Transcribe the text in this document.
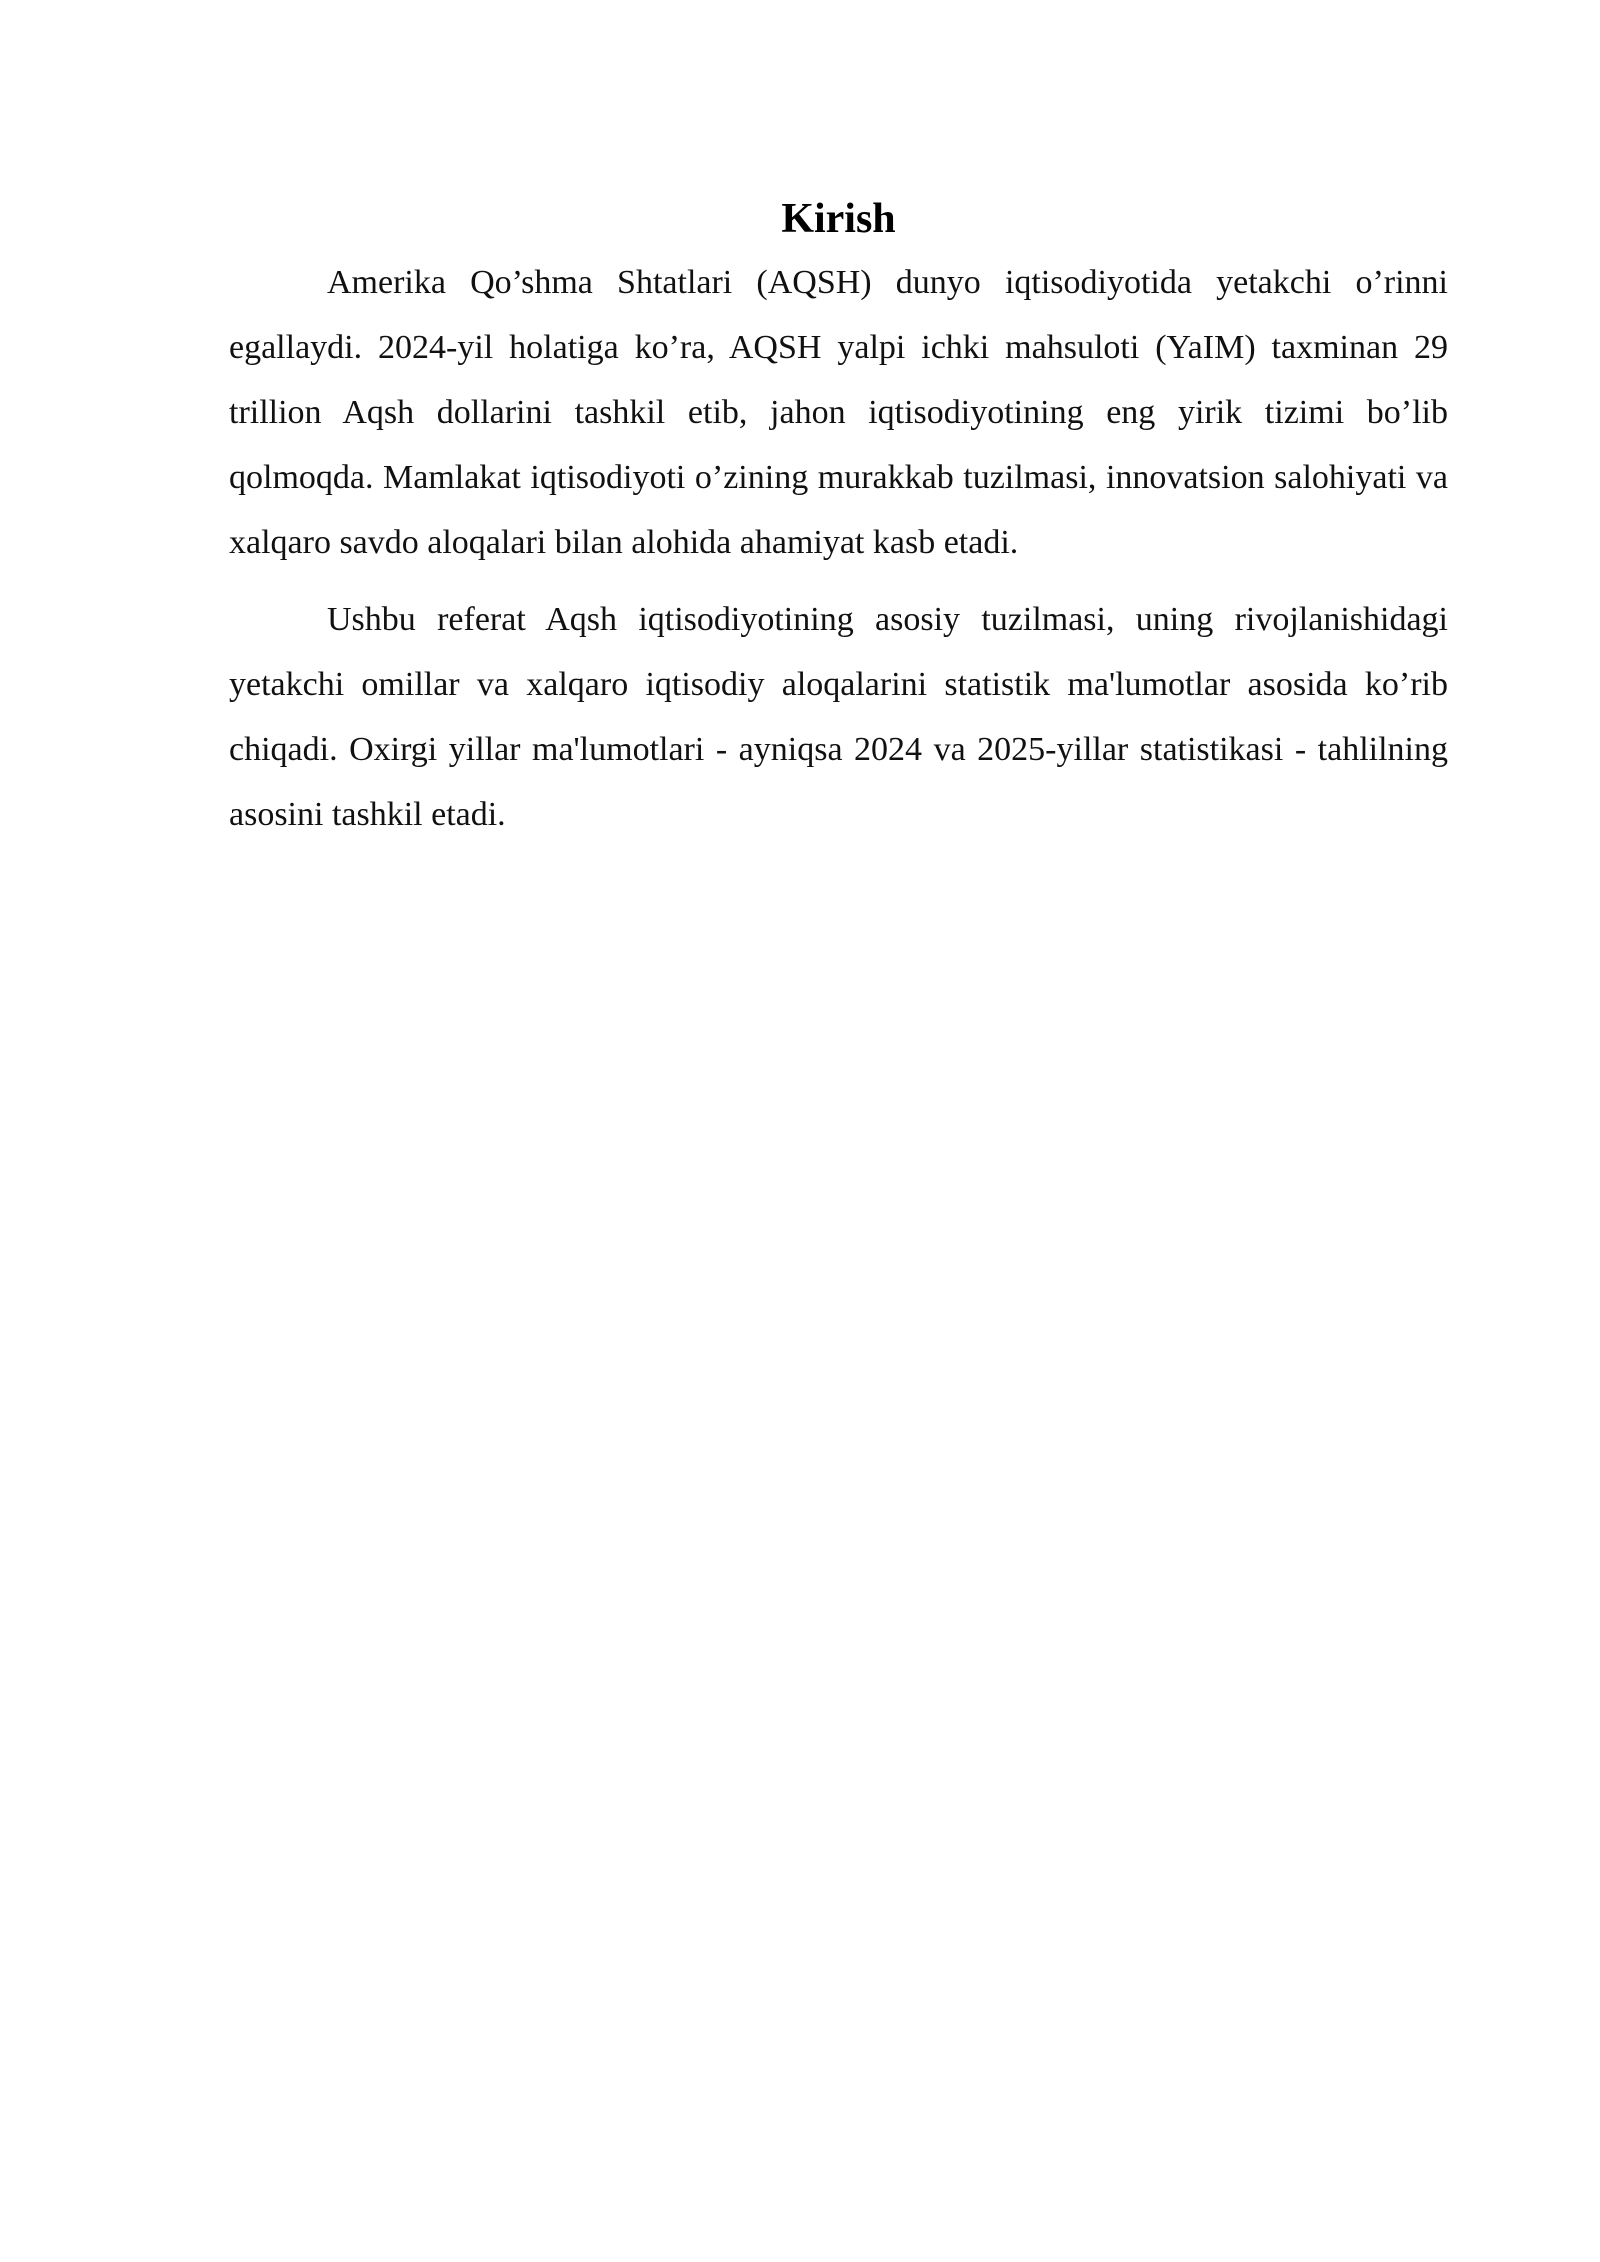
Kirish

Amerika Qo’shma Shtatlari (AQSH) dunyo iqtisodiyotida yetakchi o’rinni egallaydi. 2024-yil holatiga ko’ra, AQSH yalpi ichki mahsuloti (YaIM) taxminan 29 trillion Aqsh dollarini tashkil etib, jahon iqtisodiyotining eng yirik tizimi bo’lib qolmoqda. Mamlakat iqtisodiyoti o’zining murakkab tuzilmasi, innovatsion salohiyati va xalqaro savdo aloqalari bilan alohida ahamiyat kasb etadi.

Ushbu referat Aqsh iqtisodiyotining asosiy tuzilmasi, uning rivojlanishidagi yetakchi omillar va xalqaro iqtisodiy aloqalarini statistik ma'lumotlar asosida ko’rib chiqadi. Oxirgi yillar ma'lumotlari - ayniqsa 2024 va 2025-yillar statistikasi - tahlilning asosini tashkil etadi.
